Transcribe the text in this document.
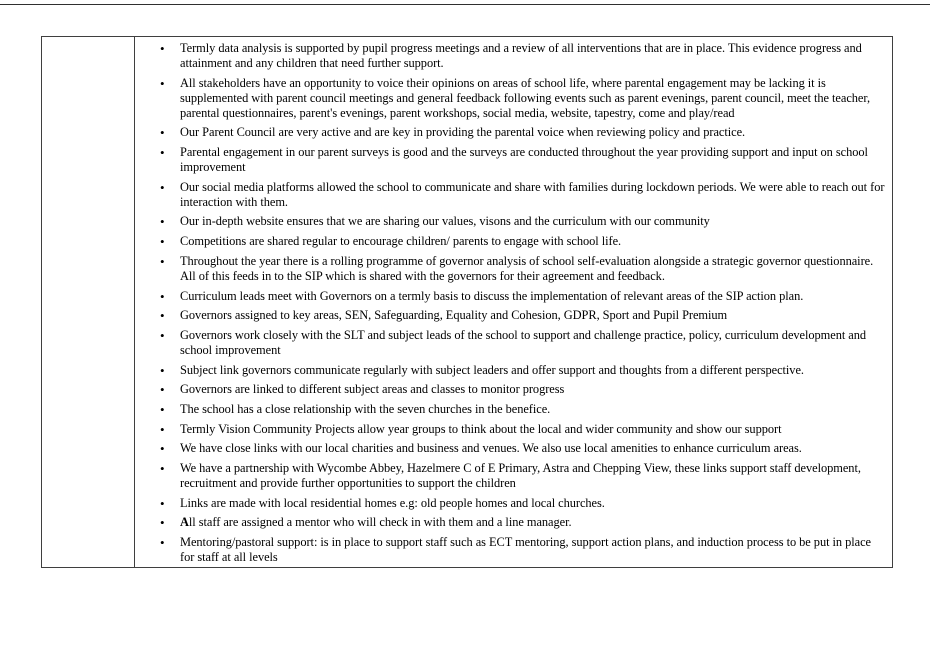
• Termly data analysis is supported by pupil progress meetings and a review of all interventions that are in place. This evidence progress and attainment and any children that need further support.
• All stakeholders have an opportunity to voice their opinions on areas of school life, where parental engagement may be lacking it is supplemented with parent council meetings and general feedback following events such as parent evenings, parent council, meet the teacher, parental questionnaires, parent's evenings, parent workshops, social media, website, tapestry, come and play/read
• Our Parent Council are very active and are key in providing the parental voice when reviewing policy and practice.
• Parental engagement in our parent surveys is good and the surveys are conducted throughout the year providing support and input on school improvement
• Our social media platforms allowed the school to communicate and share with families during lockdown periods. We were able to reach out for interaction with them.
• Our in-depth website ensures that we are sharing our values, visons and the curriculum with our community
• Competitions are shared regular to encourage children/ parents to engage with school life.
• Throughout the year there is a rolling programme of governor analysis of school self-evaluation alongside a strategic governor questionnaire. All of this feeds in to the SIP which is shared with the governors for their agreement and feedback.
• Curriculum leads meet with Governors on a termly basis to discuss the implementation of relevant areas of the SIP action plan.
• Governors assigned to key areas, SEN, Safeguarding, Equality and Cohesion, GDPR, Sport and Pupil Premium
• Governors work closely with the SLT and subject leads of the school to support and challenge practice, policy, curriculum development and school improvement
• Subject link governors communicate regularly with subject leaders and offer support and thoughts from a different perspective.
• Governors are linked to different subject areas and classes to monitor progress
• The school has a close relationship with the seven churches in the benefice.
• Termly Vision Community Projects allow year groups to think about the local and wider community and show our support
• We have close links with our local charities and business and venues. We also use local amenities to enhance curriculum areas.
• We have a partnership with Wycombe Abbey, Hazelmere C of E Primary, Astra and Chepping View, these links support staff development, recruitment and provide further opportunities to support the children
• Links are made with local residential homes e.g: old people homes and local churches.
• All staff are assigned a mentor who will check in with them and a line manager.
• Mentoring/pastoral support: is in place to support staff such as ECT mentoring, support action plans, and induction process to be put in place for staff at all levels
